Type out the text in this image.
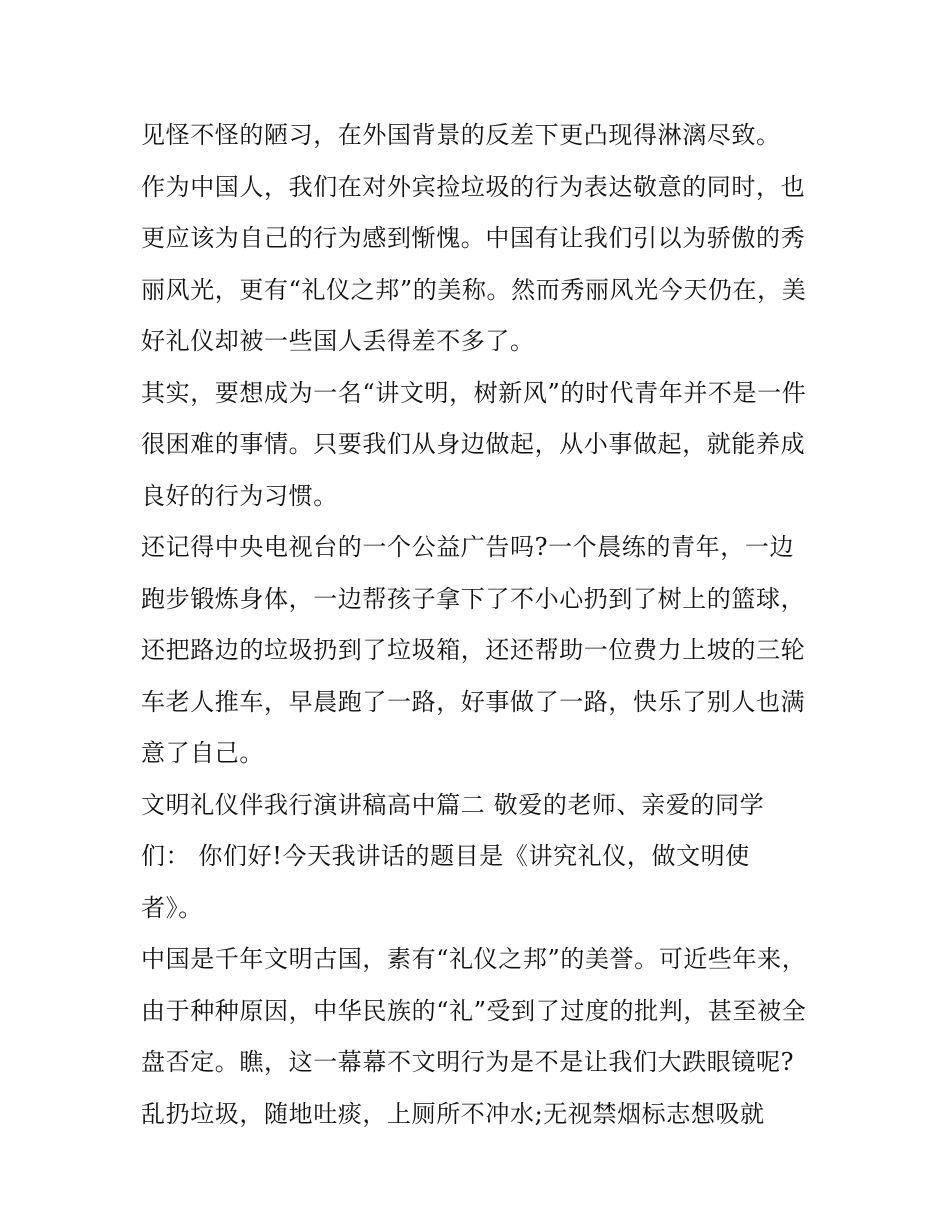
见怪不怪的陋习，在外国背景的反差下更凸现得淋漓尽致。
作为中国人，我们在对外宾捡垃圾的行为表达敬意的同时，也
更应该为自己的行为感到惭愧。中国有让我们引以为骄傲的秀
丽风光，更有“礼仪之邦”的美称。然而秀丽风光今天仍在，美
好礼仪却被一些国人丢得差不多了。
其实，要想成为一名“讲文明，树新风”的时代青年并不是一件
很困难的事情。只要我们从身边做起，从小事做起，就能养成
良好的行为习惯。
还记得中央电视台的一个公益广告吗?一个晨练的青年，一边
跑步锻炼身体，一边帮孩子拿下了不小心扔到了树上的篮球，
还把路边的垃圾扔到了垃圾箱，还还帮助一位费力上坡的三轮
车老人推车，早晨跑了一路，好事做了一路，快乐了别人也满
意了自己。
文明礼仪伴我行演讲稿高中篇二 敬爱的老师、亲爱的同学
们： 你们好!今天我讲话的题目是《讲究礼仪，做文明使
者》。
中国是千年文明古国，素有“礼仪之邦”的美誉。可近些年来，
由于种种原因，中华民族的“礼”受到了过度的批判，甚至被全
盘否定。瞧，这一幕幕不文明行为是不是让我们大跌眼镜呢?
乱扔垃圾，随地吐痰，上厕所不冲水;无视禁烟标志想吸就
